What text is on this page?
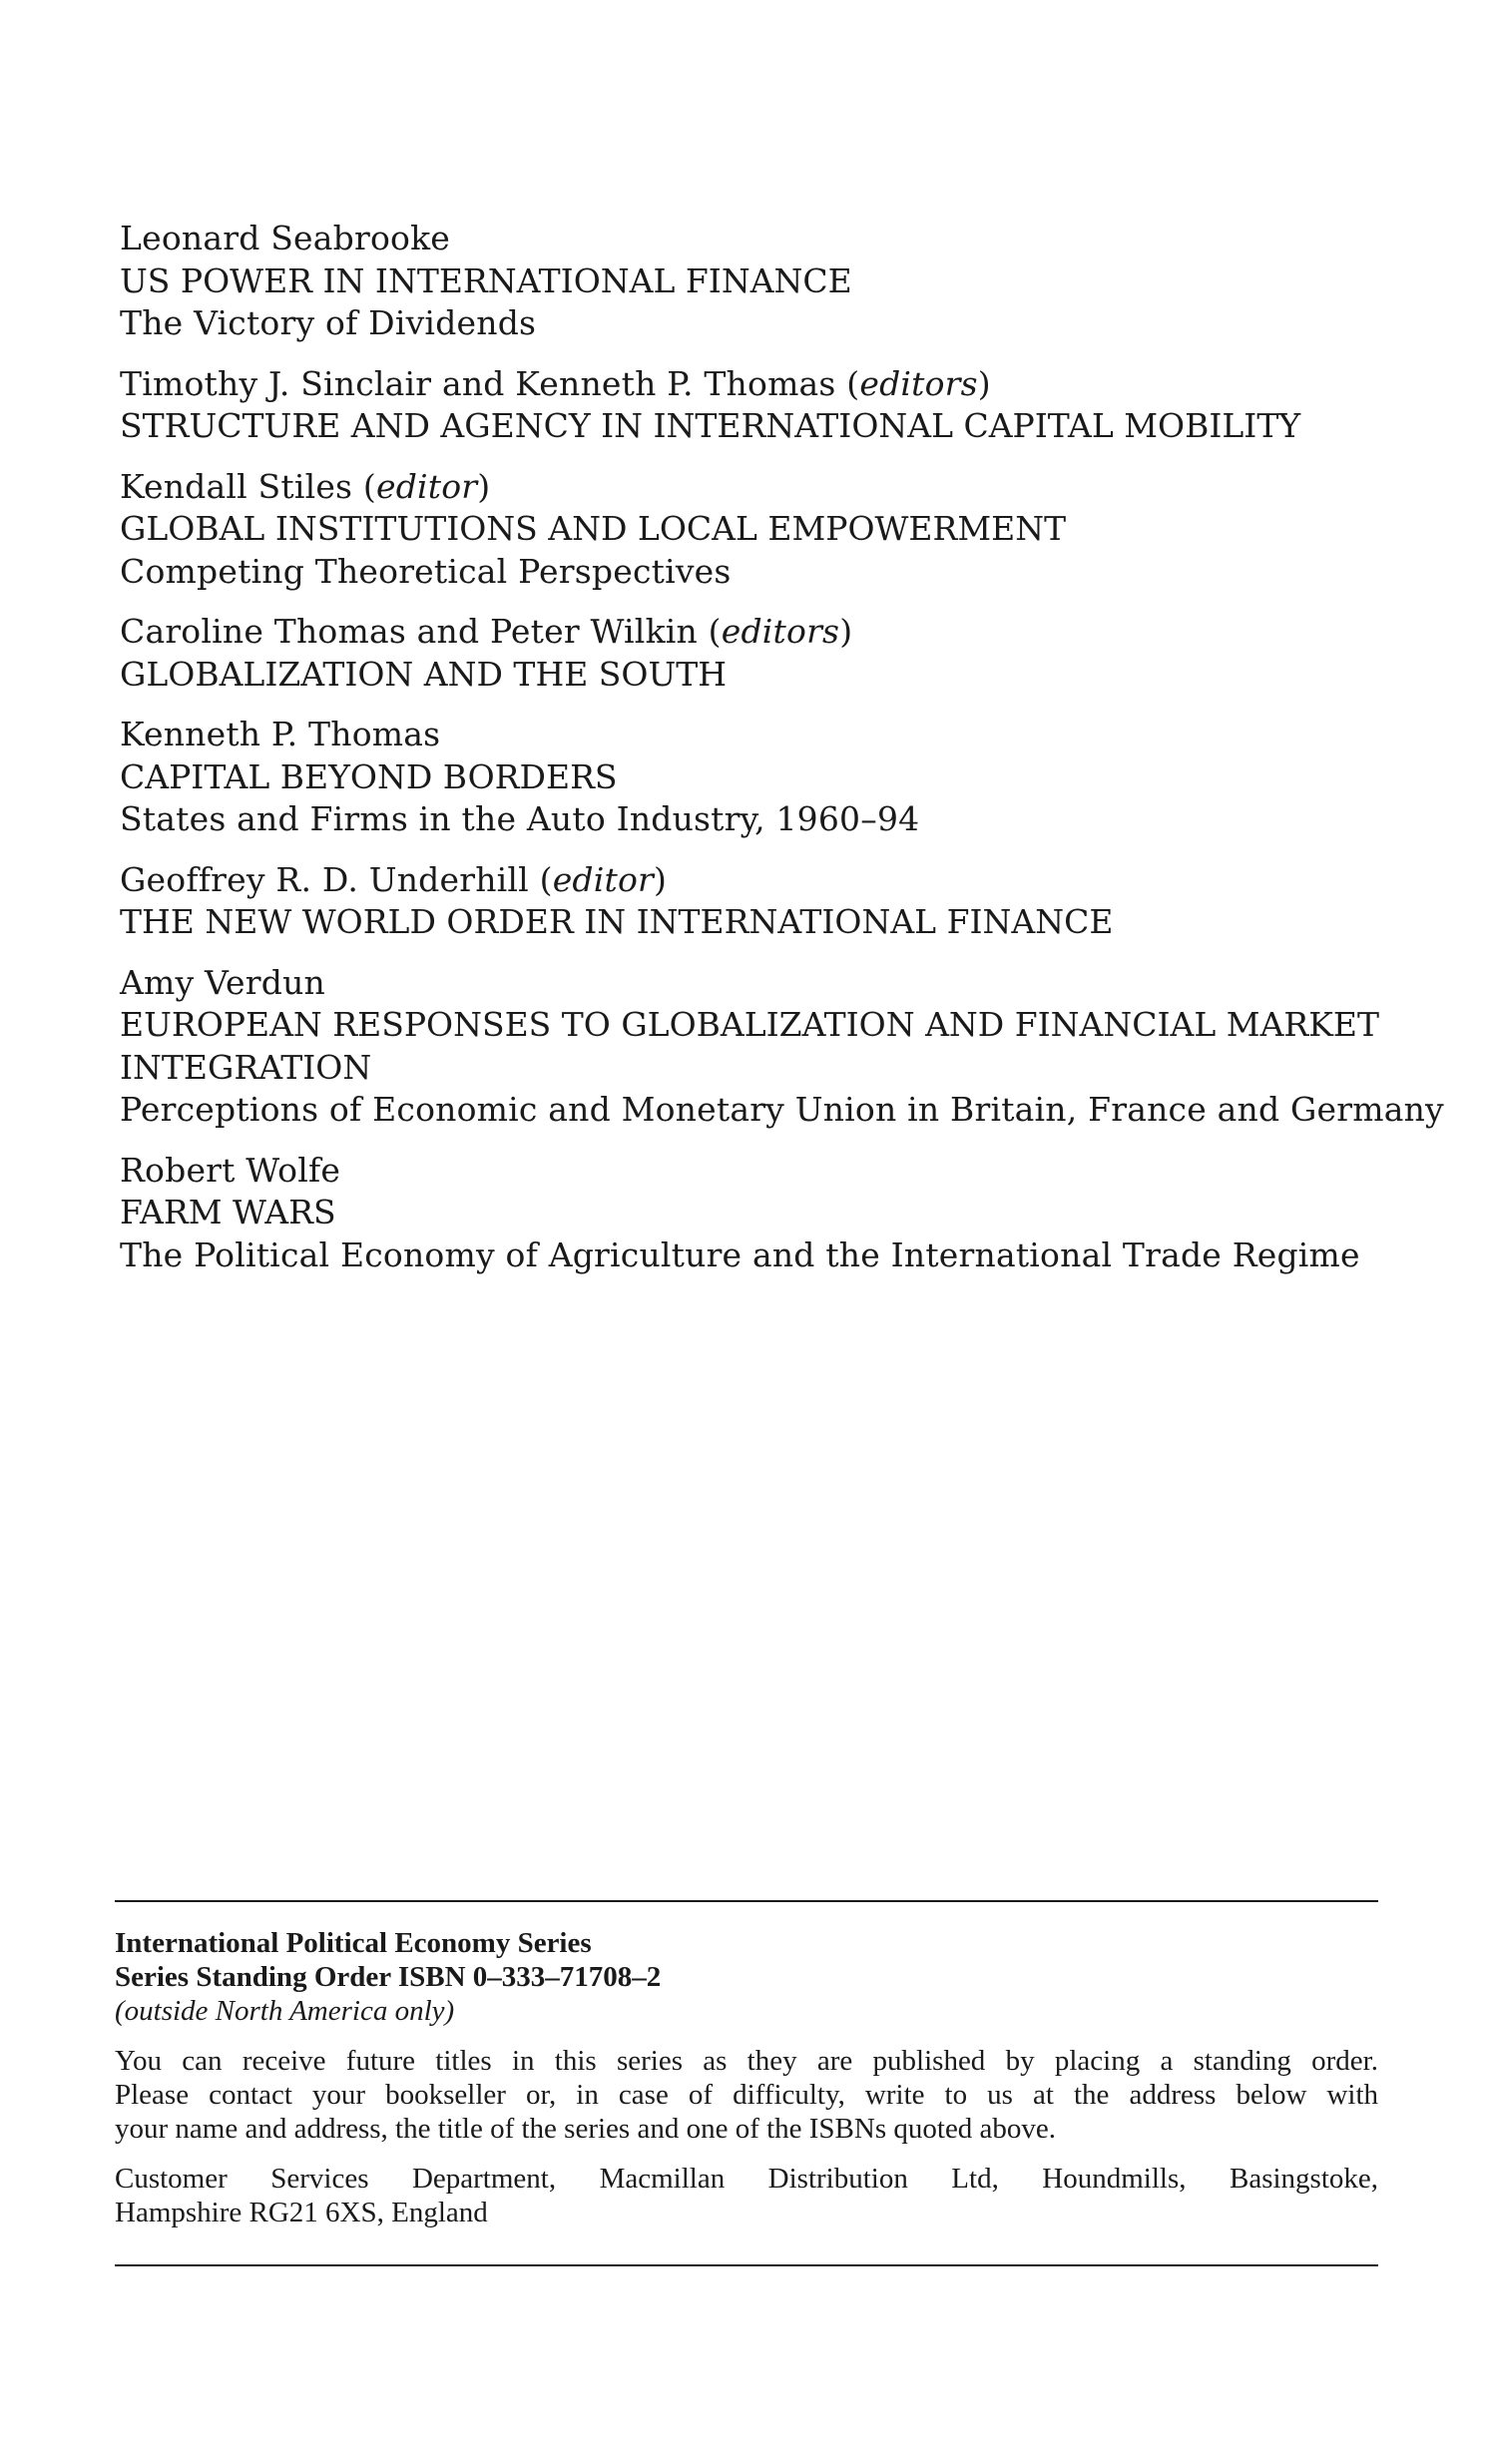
Leonard Seabrooke
US POWER IN INTERNATIONAL FINANCE
The Victory of Dividends
Timothy J. Sinclair and Kenneth P. Thomas (editors)
STRUCTURE AND AGENCY IN INTERNATIONAL CAPITAL MOBILITY
Kendall Stiles (editor)
GLOBAL INSTITUTIONS AND LOCAL EMPOWERMENT
Competing Theoretical Perspectives
Caroline Thomas and Peter Wilkin (editors)
GLOBALIZATION AND THE SOUTH
Kenneth P. Thomas
CAPITAL BEYOND BORDERS
States and Firms in the Auto Industry, 1960–94
Geoffrey R. D. Underhill (editor)
THE NEW WORLD ORDER IN INTERNATIONAL FINANCE
Amy Verdun
EUROPEAN RESPONSES TO GLOBALIZATION AND FINANCIAL MARKET
INTEGRATION
Perceptions of Economic and Monetary Union in Britain, France and Germany
Robert Wolfe
FARM WARS
The Political Economy of Agriculture and the International Trade Regime
International Political Economy Series
Series Standing Order ISBN 0–333–71708–2
(outside North America only)
You can receive future titles in this series as they are published by placing a standing order.
Please contact your bookseller or, in case of difficulty, write to us at the address below with
your name and address, the title of the series and one of the ISBNs quoted above.
Customer Services Department, Macmillan Distribution Ltd, Houndmills, Basingstoke,
Hampshire RG21 6XS, England
